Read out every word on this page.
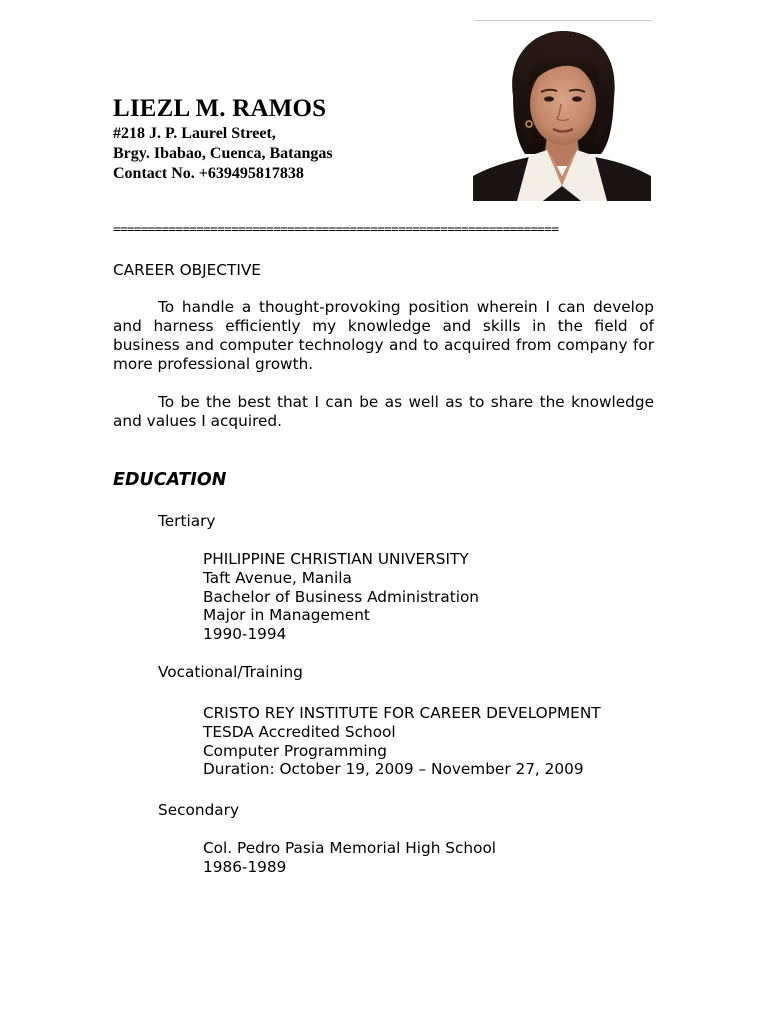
LIEZL M. RAMOS
#218 J. P. Laurel Street,
Brgy. Ibabao, Cuenca, Batangas
Contact No. +639495817838
================================================================
CAREER OBJECTIVE

To handle a thought-provoking position wherein I can develop and harness efficiently my knowledge and skills in the field of business and computer technology and to acquired from company for more professional growth.

To be the best that I can be as well as to share the knowledge and values I acquired.

EDUCATION
Tertiary
PHILIPPINE CHRISTIAN UNIVERSITY
Taft Avenue, Manila
Bachelor of Business Administration
Major in Management
1990-1994
Vocational/Training
CRISTO REY INSTITUTE FOR CAREER DEVELOPMENT
TESDA Accredited School
Computer Programming
Duration: October 19, 2009 – November 27, 2009
Secondary
Col. Pedro Pasia Memorial High School
1986-1989
